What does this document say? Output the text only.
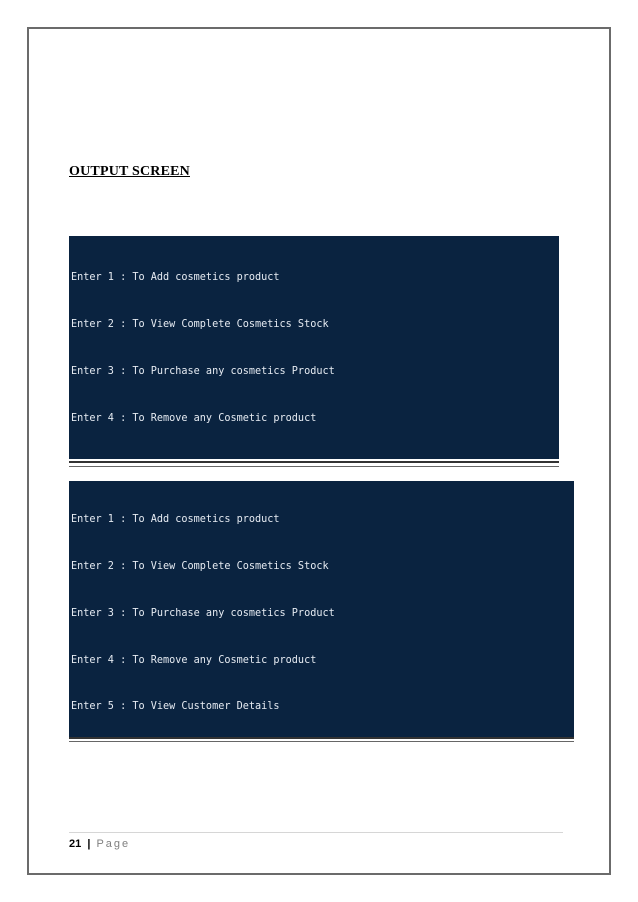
OUTPUT SCREEN

Enter 1 : To Add cosmetics product

Enter 2 : To View Complete Cosmetics Stock

Enter 3 : To Purchase any cosmetics Product

Enter 4 : To Remove any Cosmetic product

Enter 1 : To Add cosmetics product

Enter 2 : To View Complete Cosmetics Stock

Enter 3 : To Purchase any cosmetics Product

Enter 4 : To Remove any Cosmetic product

Enter 5 : To View Customer Details

21 | Page
